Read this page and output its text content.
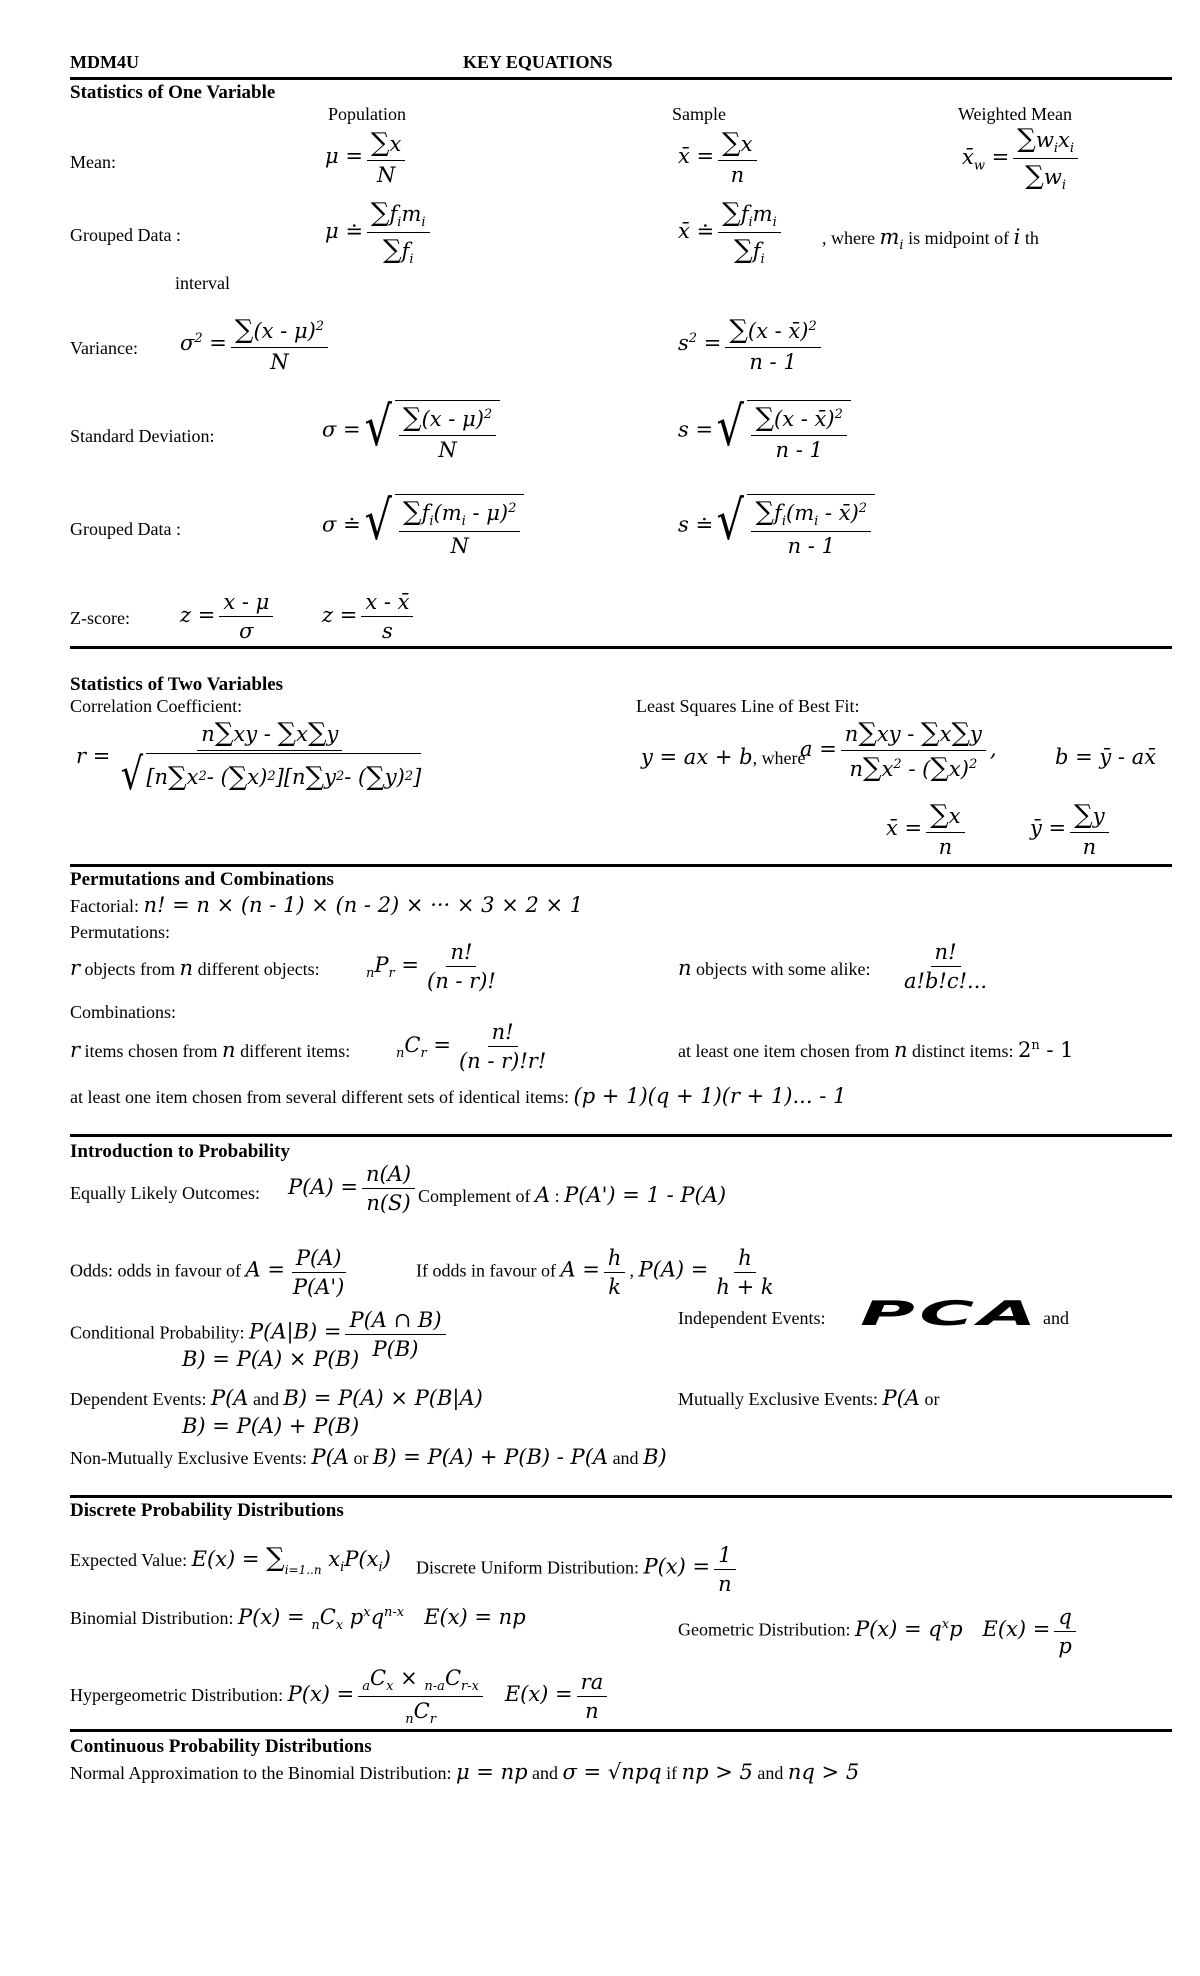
MDM4U	KEY EQUATIONS
Statistics of One Variable
Population	Sample	Weighted Mean
Mean:	$\mu = \frac{\sum x}{N}$	x̄ = $\frac{\sum x}{n}$	$x̄_w = \frac{\sum w_ix_i}{\sum w_i}$
Grouped Data :	μ ≐ $\frac{\sum f_im_i}{\sum f_i}$	x̄ ≐ $\frac{\sum f_im_i}{\sum f_i}$ , where $m_i$ is midpoint of i th
interval
Variance: $\sigma^2 = \frac{\sum(x - \mu)^2}{N}$	$s^2 = \frac{\sum(x - x̄)^2}{n - 1}$
Standard Deviation:	σ = √ $\frac{\sum(x - \mu)^2}{N}$	s = √ $\frac{\sum(x - x̄)^2}{n - 1}$
Grouped Data :	σ ≐ √ $\frac{\sum f_i(m_i - \mu)^2}{N}$	s ≐ √ $\frac{\sum f_i(m_i - x̄)^2}{n - 1}$
Z-score: $z = \frac{x - \mu}{\sigma}$ $z = \frac{x - x̄}{s}$
Statistics of Two Variables
Correlation Coefficient:	Least Squares Line of Best Fit:
$r = \frac{n\sum xy - \sum x\sum y}{√ [n \sum x 2 - ( \sum x) 2 ][n \sum y 2 - ( \sum y) 2 ]}$	y = ax + b, where
$a = \frac{n\sum xy - \sum x\sum y}{n\sum x^2 - (\sum x)^2}$ ,	b = ȳ - ax̄
x̄ = $\frac{\sum x}{n}$	ȳ = $\frac{\sum y}{n}$
Permutations and Combinations
Factorial: n! = n × (n - 1) × (n - 2) × ··· × 3 × 2 × 1
Permutations:
r objects from n different objects:	$_nP_r = \frac{n!}{(n - r)!}$	n objects with some alike: $\frac{n!}{a!b!c!...}$
Combinations:
r items chosen from n different items:	$_nC_r = \frac{n!}{(n - r)!r!}$	at least one item chosen from n distinct items: 2$^n$ - 1
at least one item chosen from several different sets of identical items: (p + 1)(q + 1)(r + 1)... - 1
Introduction to Probability
Equally Likely Outcomes: $P(A) = \frac{n(A)}{n(S)}$ Complement of A : P(A') = 1 - P(A)
Odds: odds in favour of $A = \frac{P(A)}{P(A')}$	If odds in favour of $A = \frac{h}{k}$ , $P(A) = \frac{h}{h + k}$
Conditional Probability: $P(A|B) = \frac{P(A \cap B)}{P(B)}$	Independent Events: PCA and
B) = P(A) × P(B)
Dependent Events: P(A and B) = P(A) × P(B|A)	Mutually Exclusive Events: P(A or
B) = P(A) + P(B)
Non-Mutually Exclusive Events: P(A or B) = P(A) + P(B) - P(A and B)
Discrete Probability Distributions
Expected Value: $E(x) = \sum_{i=1..n}$ $x_iP(x_i)$ Discrete Uniform Distribution: $P(x) = \frac{1}{n}$
Binomial Distribution: $P(x) = _nC_x$ $p^xq^{n-x}$   E(x) = np
Geometric Distribution: $P(x) = q^xp$   $E(x) = \frac{q}{p}$
Hypergeometric Distribution: $P(x) = \frac{_aC_x \times _{n-a}C_{r-x}}{_nC_r} E(x) = \frac{ra}{n}$
Continuous Probability Distributions
Normal Approximation to the Binomial Distribution: μ = np and σ = √npq if np > 5 and nq > 5
